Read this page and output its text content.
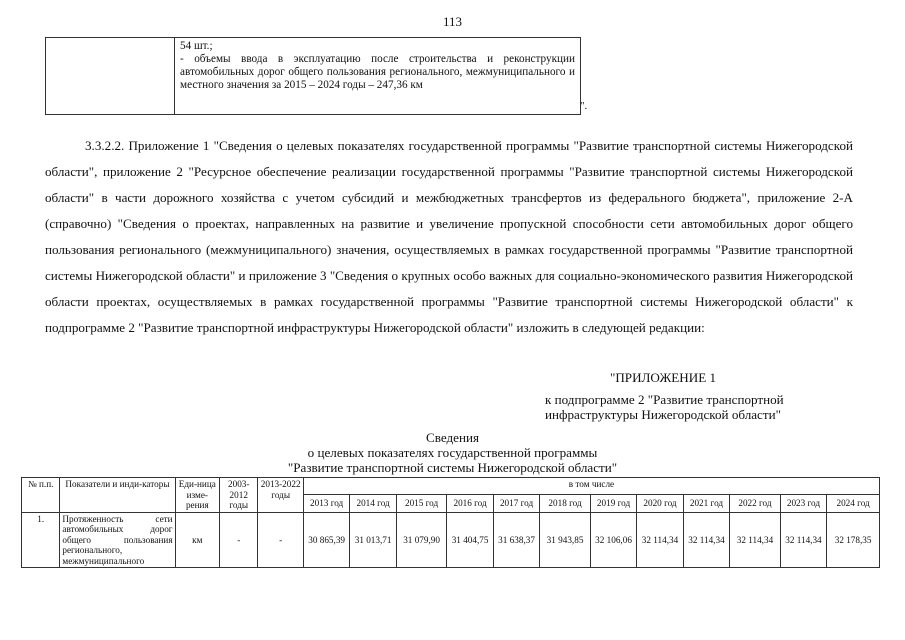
113
54 шт.;
- объемы ввода в эксплуатацию после строительства и реконструкции автомобильных дорог общего пользования регионального, межмуниципального и местного значения за 2015 – 2024 годы – 247,36 км
".
3.3.2.2. Приложение 1 "Сведения о целевых показателях государственной программы "Развитие транспортной системы Нижегородской области", приложение 2 "Ресурсное обеспечение реализации государственной программы "Развитие транспортной системы Нижегородской области" в части дорожного хозяйства с учетом субсидий и межбюджетных трансфертов из федерального бюджета", приложение 2-А (справочно) "Сведения о проектах, направленных на развитие и увеличение пропускной способности сети автомобильных дорог общего пользования регионального (межмуниципального) значения, осуществляемых в рамках государственной программы "Развитие транспортной системы Нижегородской области" и приложение 3 "Сведения о крупных особо важных для социально-экономического развития Нижегородской области проектах, осуществляемых в рамках государственной программы "Развитие транспортной системы Нижегородской области" к подпрограмме 2 "Развитие транспортной инфраструктуры Нижегородской области" изложить в следующей редакции:
"ПРИЛОЖЕНИЕ 1
к подпрограмме 2 "Развитие транспортной инфраструктуры Нижегородской области"
Сведения
о целевых показателях государственной программы
"Развитие транспортной системы Нижегородской области"
№ п.п.	Показатели и инди-каторы	Еди-ница изме-рения	2003-2012 годы	2013-2022 годы	в том числе											
					2013 год	2014 год	2015 год	2016 год	2017 год	2018 год	2019 год	2020 год	2021 год	2022 год	2023 год	2024 год
1.	Протяженность сети автомобильных дорог общего пользования регионального, межмуниципального	км	-	-	30 865,39	31 013,71	31 079,90	31 404,75	31 638,37	31 943,85	32 106,06	32 114,34	32 114,34	32 114,34	32 114,34	32 178,35
